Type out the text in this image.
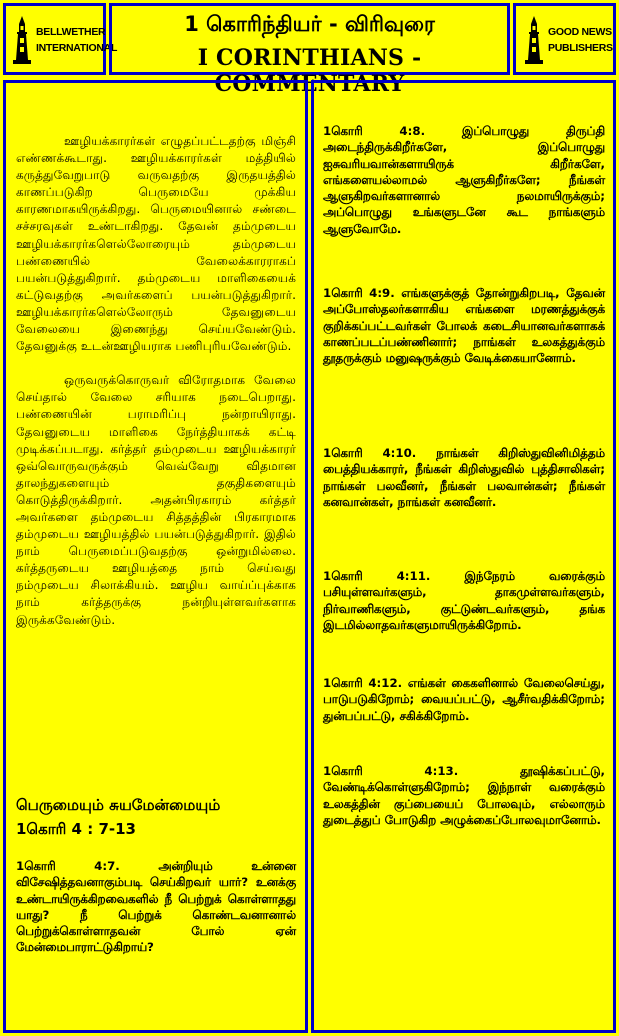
BELLWETHER
INTERNATIONAL
1 கொரிந்தியர் - விரிவுரை
I CORINTHIANS - COMMENTARY
GOOD NEWS
PUBLISHERS

ஊழியக்காரர்கள் எழுதப்பட்டதற்கு மிஞ்சி எண்ணக்கூடாது. ஊழியக்காரர்கள் மத்தியில் கருத்துவேறுபாடு வருவதற்கு இருதயத்தில் காணப்படுகிற பெருமையே முக்கிய காரணமாகயிருக்கிறது. பெருமையினால் சண்டை சச்சரவுகள் உண்டாகிறது. தேவன் தம்முடைய ஊழியக்காரர்களெல்லோரையும் தம்முடைய பண்ணையில் வேலைக்காரராகப் பயன்படுத்துகிறார். தம்முடைய மாளிகையைக் கட்டுவதற்கு அவர்களைப் பயன்படுத்துகிறார். ஊழியக்காரர்களெல்லோரும் தேவனுடைய வேலையை இணைந்து செய்யவேண்டும். தேவனுக்கு உடன்ஊழியராக பணிபுரியவேண்டும்.

ஒருவருக்கொருவர் விரோதமாக வேலை செய்தால் வேலை சரியாக நடைபெறாது. பண்ணையின் பராமரிப்பு நன்றாயிராது. தேவனுடைய மாளிகை நேர்த்தியாகக் கட்டி முடிக்கப்படாது. கர்த்தர் தம்முடைய ஊழியக்காரர் ஒவ்வொருவருக்கும் வெவ்வேறு விதமான தாலந்துகளையும் தகுதிகளையும் கொடுத்திருக்கிறார். அதன்பிரகாரம் கர்த்தர் அவர்களை தம்முடைய சித்தத்தின் பிரகாரமாக தம்முடைய ஊழியத்தில் பயன்படுத்துகிறார். இதில் நாம் பெருமைப்படுவதற்கு ஒன்றுமில்லை. கர்த்தருடைய ஊழியத்தை நாம் செய்வது நம்முடைய சிலாக்கியம். ஊழிய வாய்ப்புக்காக நாம் கர்த்தருக்கு நன்றியுள்ளவர்களாக இருக்கவேண்டும்.

பெருமையும் சுயமேன்மையும்

1கொரி 4 : 7-13

1கொரி 4:7. அன்றியும் உன்னை விசேஷித்தவனாகும்படி செய்கிறவர் யார்? உனக்கு உண்டாயிருக்கிறவைகளில் நீ பெற்றுக் கொள்ளாதது யாது? நீ பெற்றுக் கொண்டவனானால் பெற்றுக்கொள்ளாதவன் போல் ஏன் மேன்மைபாராட்டுகிறாய்?

1கொரி 4:8. இப்பொழுது திருப்தி அடைந்திருக்கிறீர்களே, இப்பொழுது ஐசுவரியவான்களாயிருக் கிறீர்களே, எங்களையல்லாமல் ஆளுகிறீர்களே; நீங்கள் ஆளுகிறவர்களானால் நலமாயிருக்கும்; அப்பொழுது உங்களுடனே கூட நாங்களும் ஆளுவோமே.

1கொரி 4:9. எங்களுக்குத் தோன்றுகிறபடி, தேவன் அப்போஸ்தலர்களாகிய எங்களை மரணத்துக்குக் குறிக்கப்பட்டவர்கள் போலக் கடைசியானவர்களாகக் காணப்படப்பண்ணினார்; நாங்கள் உலகத்துக்கும் தூதருக்கும் மனுஷருக்கும் வேடிக்கையானோம்.

1கொரி 4:10. நாங்கள் கிறிஸ்துவினிமித்தம் பைத்தியக்காரர், நீங்கள் கிறிஸ்துவில் புத்திசாலிகள்; நாங்கள் பலவீனர், நீங்கள் பலவான்கள்; நீங்கள் கனவான்கள், நாங்கள் கனவீனர்.

1கொரி 4:11. இந்நேரம் வரைக்கும் பசியுள்ளவர்களும், தாகமுள்ளவர்களும், நிர்வாணிகளும், குட்டுண்டவர்களும், தங்க இடமில்லாதவர்களுமாயிருக்கிறோம்.

1கொரி 4:12. எங்கள் கைகளினால் வேலைசெய்து, பாடுபடுகிறோம்; வையப்பட்டு, ஆசீர்வதிக்கிறோம்; துன்பப்பட்டு, சகிக்கிறோம்.

1கொரி 4:13. தூஷிக்கப்பட்டு, வேண்டிக்கொள்ளுகிறோம்; இந்நாள் வரைக்கும் உலகத்தின் குப்பையைப் போலவும், எல்லாரும் துடைத்துப் போடுகிற அழுக்கைப்போலவுமானோம்.
